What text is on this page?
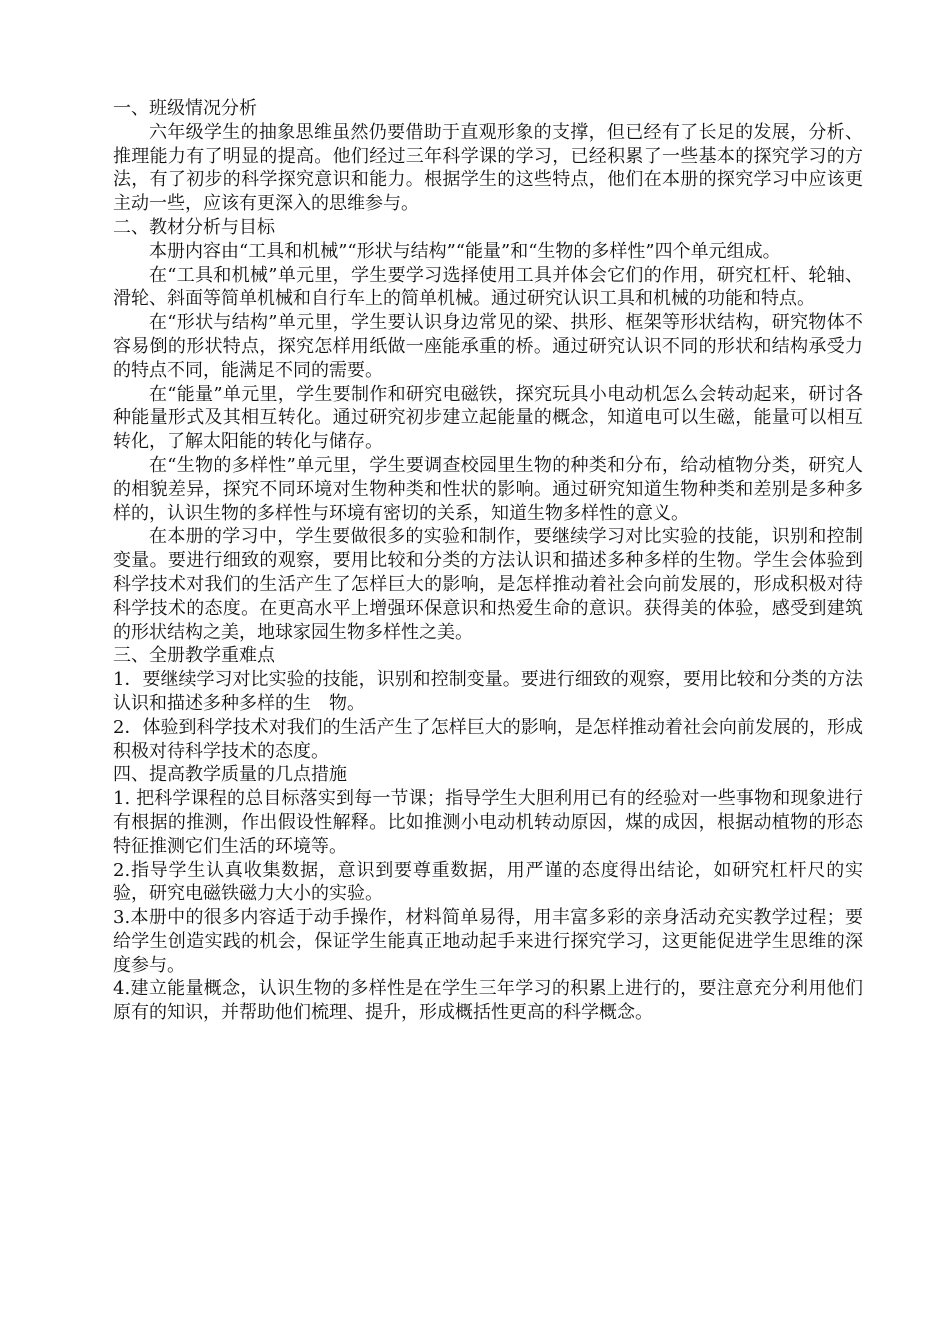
一、班级情况分析

六年级学生的抽象思维虽然仍要借助于直观形象的支撑，但已经有了长足的发展，分析、推理能力有了明显的提高。他们经过三年科学课的学习，已经积累了一些基本的探究学习的方法，有了初步的科学探究意识和能力。根据学生的这些特点，他们在本册的探究学习中应该更主动一些，应该有更深入的思维参与。

二、教材分析与目标

本册内容由“工具和机械”“形状与结构”“能量”和“生物的多样性”四个单元组成。

在“工具和机械”单元里，学生要学习选择使用工具并体会它们的作用，研究杠杆、轮轴、滑轮、斜面等简单机械和自行车上的简单机械。通过研究认识工具和机械的功能和特点。

在“形状与结构”单元里，学生要认识身边常见的梁、拱形、框架等形状结构，研究物体不容易倒的形状特点，探究怎样用纸做一座能承重的桥。通过研究认识不同的形状和结构承受力的特点不同，能满足不同的需要。

在“能量”单元里，学生要制作和研究电磁铁，探究玩具小电动机怎么会转动起来，研讨各种能量形式及其相互转化。通过研究初步建立起能量的概念，知道电可以生磁，能量可以相互转化，了解太阳能的转化与储存。

在“生物的多样性”单元里，学生要调查校园里生物的种类和分布，给动植物分类，研究人的相貌差异，探究不同环境对生物种类和性状的影响。通过研究知道生物种类和差别是多种多样的，认识生物的多样性与环境有密切的关系，知道生物多样性的意义。

在本册的学习中，学生要做很多的实验和制作，要继续学习对比实验的技能，识别和控制变量。要进行细致的观察，要用比较和分类的方法认识和描述多种多样的生物。学生会体验到科学技术对我们的生活产生了怎样巨大的影响，是怎样推动着社会向前发展的，形成积极对待科学技术的态度。在更高水平上增强环保意识和热爱生命的意识。获得美的体验，感受到建筑的形状结构之美，地球家园生物多样性之美。

三、全册教学重难点

1．要继续学习对比实验的技能，识别和控制变量。要进行细致的观察，要用比较和分类的方法认识和描述多种多样的生　物。

2．体验到科学技术对我们的生活产生了怎样巨大的影响，是怎样推动着社会向前发展的，形成积极对待科学技术的态度。

四、提高教学质量的几点措施

1. 把科学课程的总目标落实到每一节课；指导学生大胆利用已有的经验对一些事物和现象进行有根据的推测，作出假设性解释。比如推测小电动机转动原因，煤的成因，根据动植物的形态特征推测它们生活的环境等。

2.指导学生认真收集数据，意识到要尊重数据，用严谨的态度得出结论，如研究杠杆尺的实验，研究电磁铁磁力大小的实验。

3.本册中的很多内容适于动手操作，材料简单易得，用丰富多彩的亲身活动充实教学过程；要给学生创造实践的机会，保证学生能真正地动起手来进行探究学习，这更能促进学生思维的深度参与。

4.建立能量概念，认识生物的多样性是在学生三年学习的积累上进行的，要注意充分利用他们原有的知识，并帮助他们梳理、提升，形成概括性更高的科学概念。
